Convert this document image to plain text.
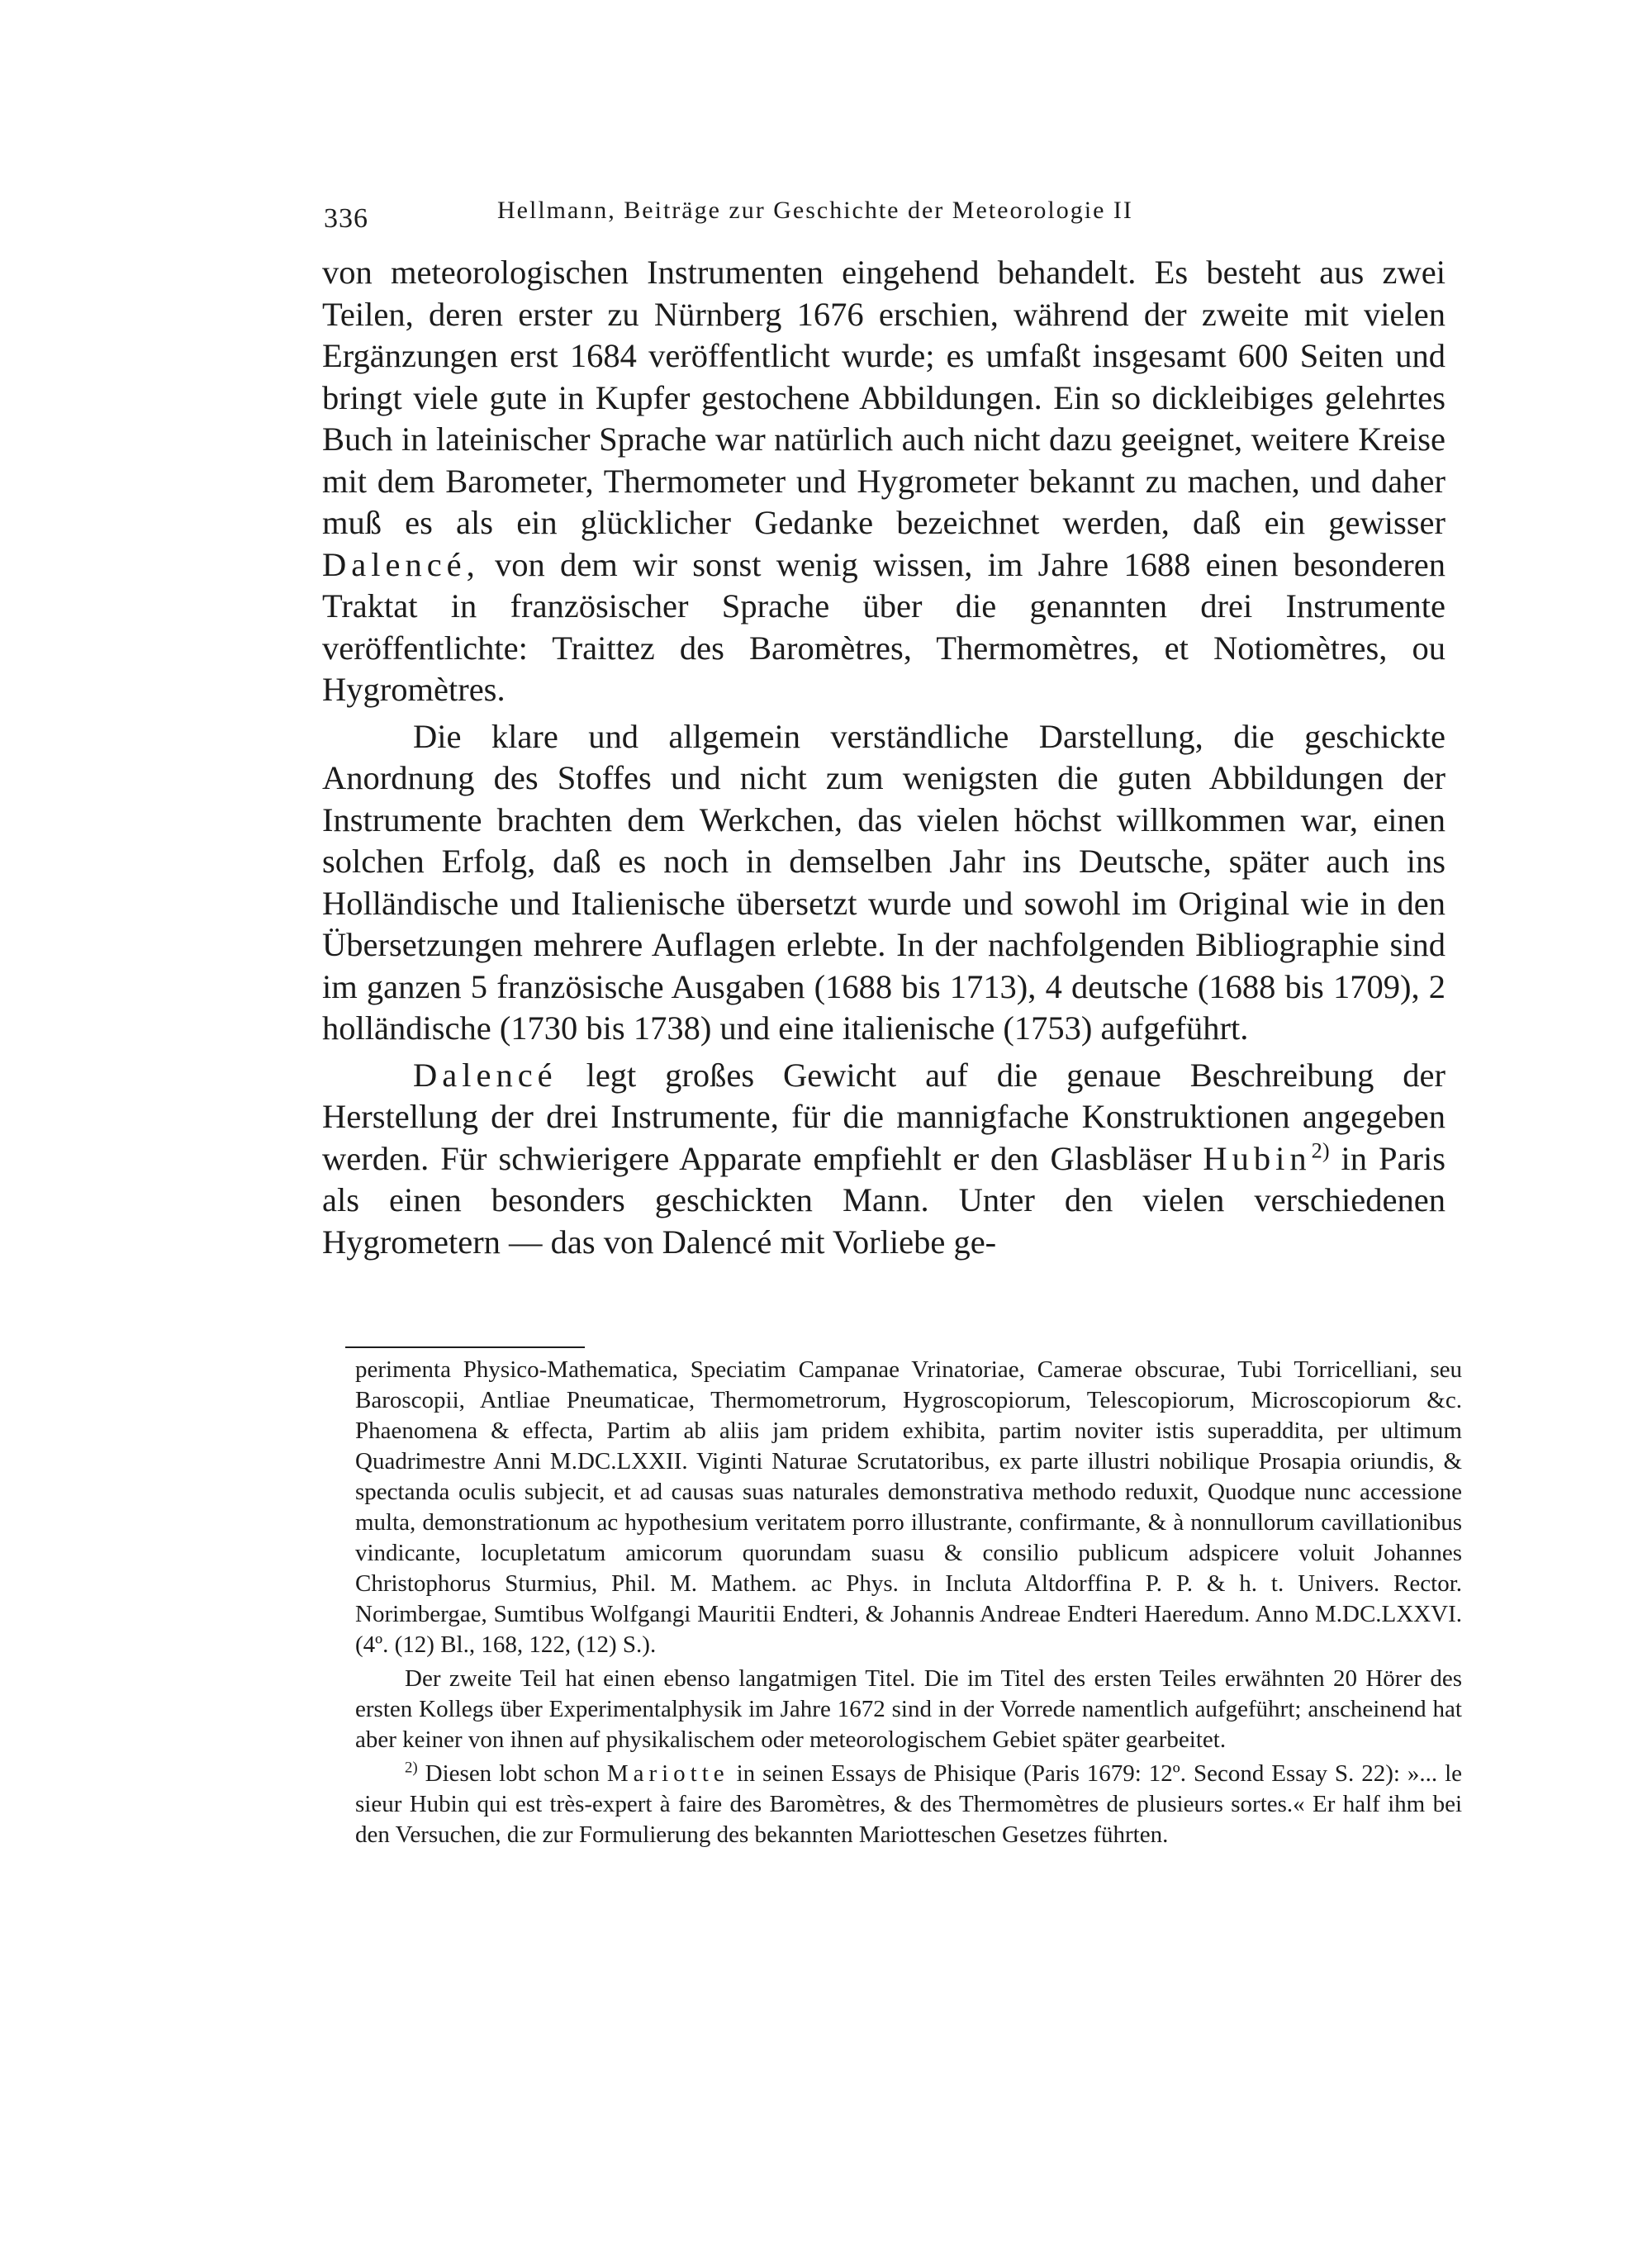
336	Hellmann, Beiträge zur Geschichte der Meteorologie II

von meteorologischen Instrumenten eingehend behandelt. Es besteht aus zwei Teilen, deren erster zu Nürnberg 1676 erschien, während der zweite mit vielen Ergänzungen erst 1684 veröffentlicht wurde; es umfaßt insgesamt 600 Seiten und bringt viele gute in Kupfer gestochene Abbildungen. Ein so dickleibiges gelehrtes Buch in lateinischer Sprache war natürlich auch nicht dazu geeignet, weitere Kreise mit dem Barometer, Thermometer und Hygrometer bekannt zu machen, und daher muß es als ein glücklicher Gedanke bezeichnet werden, daß ein gewisser Dalencé, von dem wir sonst wenig wissen, im Jahre 1688 einen besonderen Traktat in französischer Sprache über die genannten drei Instrumente veröffentlichte: Traittez des Baromètres, Thermomètres, et Notiomètres, ou Hygromètres.

Die klare und allgemein verständliche Darstellung, die geschickte Anordnung des Stoffes und nicht zum wenigsten die guten Abbildungen der Instrumente brachten dem Werkchen, das vielen höchst willkommen war, einen solchen Erfolg, daß es noch in demselben Jahr ins Deutsche, später auch ins Holländische und Italienische übersetzt wurde und sowohl im Original wie in den Übersetzungen mehrere Auflagen erlebte. In der nachfolgenden Bibliographie sind im ganzen 5 französische Ausgaben (1688 bis 1713), 4 deutsche (1688 bis 1709), 2 holländische (1730 bis 1738) und eine italienische (1753) aufgeführt.

Dalencé legt großes Gewicht auf die genaue Beschreibung der Herstellung der drei Instrumente, für die mannigfache Konstruktionen angegeben werden. Für schwierigere Apparate empfiehlt er den Glasbläser Hubin$^{2)}$ in Paris als einen besonders geschickten Mann. Unter den vielen verschiedenen Hygrometern — das von Dalencé mit Vorliebe ge-

perimenta Physico-Mathematica, Speciatim Campanae Vrinatoriae, Camerae obscurae, Tubi Torricelliani, seu Baroscopii, Antliae Pneumaticae, Thermometrorum, Hygroscopiorum, Telescopiorum, Microscopiorum &c. Phaenomena & effecta, Partim ab aliis jam pridem exhibita, partim noviter istis superaddita, per ultimum Quadrimestre Anni M.DC.LXXII. Viginti Naturae Scrutatoribus, ex parte illustri nobilique Prosapia oriundis, & spectanda oculis subjecit, et ad causas suas naturales demonstrativa methodo reduxit, Quodque nunc accessione multa, demonstrationum ac hypothesium veritatem porro illustrante, confirmante, & à nonnullorum cavillationibus vindicante, locupletatum amicorum quorundam suasu & consilio publicum adspicere voluit Johannes Christophorus Sturmius, Phil. M. Mathem. ac Phys. in Incluta Altdorffina P. P. & h. t. Univers. Rector. Norimbergae, Sumtibus Wolfgangi Mauritii Endteri, & Johannis Andreae Endteri Haeredum. Anno M.DC.LXXVI. (4º. (12) Bl., 168, 122, (12) S.).

Der zweite Teil hat einen ebenso langatmigen Titel. Die im Titel des ersten Teiles erwähnten 20 Hörer des ersten Kollegs über Experimentalphysik im Jahre 1672 sind in der Vorrede namentlich aufgeführt; anscheinend hat aber keiner von ihnen auf physikalischem oder meteorologischem Gebiet später gearbeitet.

$^{2)}$ Diesen lobt schon Mariotte in seinen Essays de Phisique (Paris 1679: 12º. Second Essay S. 22): »... le sieur Hubin qui est très-expert à faire des Baromètres, & des Thermomètres de plusieurs sortes.« Er half ihm bei den Versuchen, die zur Formulierung des bekannten Mariotteschen Gesetzes führten.
